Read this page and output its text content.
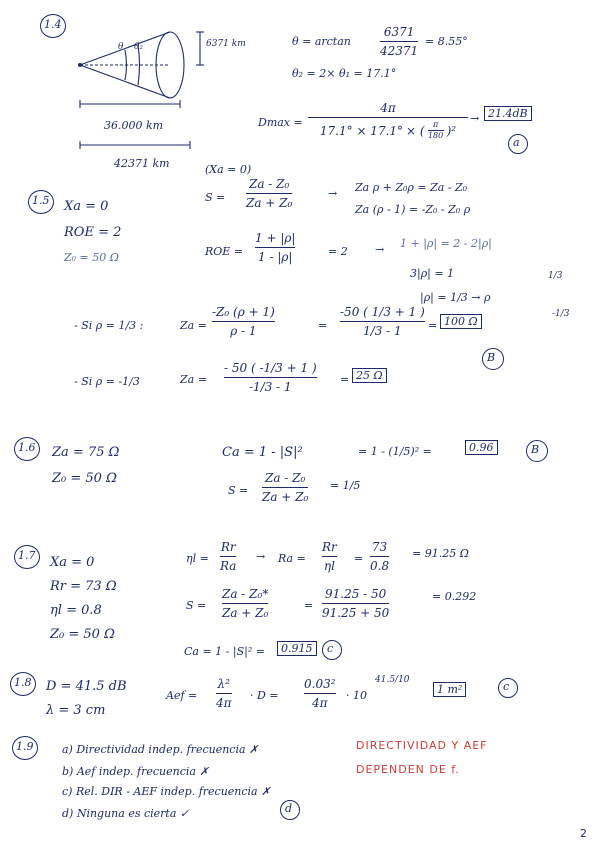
1.4
θ θ₂	6371 km
36.000 km
42371 km
θ = arctan
6371
42371
= 8.55°
θ₂ = 2× θ₁ = 17.1°
Dmax =
4π
17.1° × 17.1° × ( π
180 )²
→ 21.4dB
a
1.5 Xa = 0
ROE = 2
Z₀ = 50 Ω
(Xa = 0)
S =
Za - Z₀
Za + Z₀
→ Za ρ + Z₀ρ = Za - Z₀
Za (ρ - 1) = -Z₀ - Z₀ ρ
ROE =
1 + |ρ|
1 - |ρ|	= 2 → 1 + |ρ| = 2 - 2|ρ|
3|ρ| = 1
|ρ| = 1/3 → ρ
1/3
-1/3
- Si ρ = 1/3 :	Za =
-Z₀ (ρ + 1)
ρ - 1	=
-50 ( 1/3 + 1 )
1/3 - 1 = 100 Ω
B
- Si ρ = -1/3	Za =
- 50 ( -1/3 + 1 )
-1/3 - 1
= 25 Ω
1.6 Za = 75 Ω
Z₀ = 50 Ω
Ca = 1 - |S|²	= 1 - (1/5)² =	0.96	B
S =
Za - Z₀
Za + Z₀
= 1/5
1.7 Xa = 0
Rr = 73 Ω
ηl = 0.8
Z₀ = 50 Ω
ηl =
Rr
Ra
→ Ra =
Rr
ηl
=
73
0.8
= 91.25 Ω
S =
Za - Z₀*
Za + Z₀
=
91.25 - 50
91.25 + 50
= 0.292
Ca = 1 - |S|² =	0.915	c
1.8 D = 41.5 dB
λ = 3 cm
Aef =
λ²
4π
· D =
0.03²
4π
· 10
41.5/10
1 m²	c
1.9	a) Directividad indep. frecuencia ✗
b) Aef indep. frecuencia ✗
c) Rel. DIR - AEF indep. frecuencia ✗
d) Ninguna es cierta ✓	d
DIRECTIVIDAD Y AEF
DEPENDEN DE f.
2
